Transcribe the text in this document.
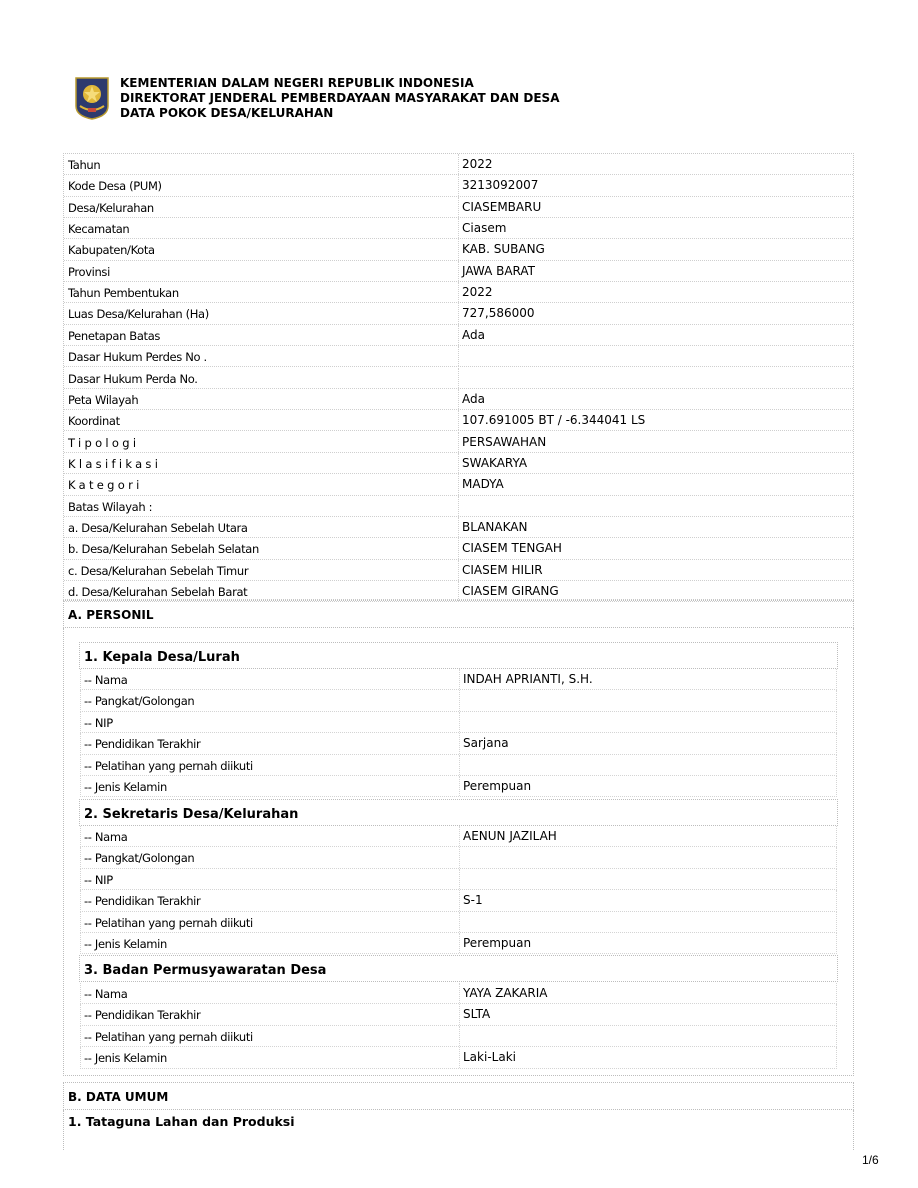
KEMENTERIAN DALAM NEGERI REPUBLIK INDONESIA
DIREKTORAT JENDERAL PEMBERDAYAAN MASYARAKAT DAN DESA
DATA POKOK DESA/KELURAHAN
Tahun	2022
Kode Desa (PUM)	3213092007
Desa/Kelurahan	CIASEMBARU
Kecamatan	Ciasem
Kabupaten/Kota	KAB. SUBANG
Provinsi	JAWA BARAT
Tahun Pembentukan	2022
Luas Desa/Kelurahan (Ha)	727,586000
Penetapan Batas	Ada
Dasar Hukum Perdes No .
Dasar Hukum Perda No.
Peta Wilayah	Ada
Koordinat	107.691005 BT / -6.344041 LS
Tipologi	PERSAWAHAN
Klasifikasi	SWAKARYA
Kategori	MADYA
Batas Wilayah :
a. Desa/Kelurahan Sebelah Utara	BLANAKAN
b. Desa/Kelurahan Sebelah Selatan	CIASEM TENGAH
c. Desa/Kelurahan Sebelah Timur	CIASEM HILIR
d. Desa/Kelurahan Sebelah Barat	CIASEM GIRANG
A. PERSONIL
1. Kepala Desa/Lurah
-- Nama	INDAH APRIANTI, S.H.
-- Pangkat/Golongan
-- NIP
-- Pendidikan Terakhir	Sarjana
-- Pelatihan yang pernah diikuti
-- Jenis Kelamin	Perempuan
2. Sekretaris Desa/Kelurahan
-- Nama	AENUN JAZILAH
-- Pangkat/Golongan
-- NIP
-- Pendidikan Terakhir	S-1
-- Pelatihan yang pernah diikuti
-- Jenis Kelamin	Perempuan
3. Badan Permusyawaratan Desa
-- Nama	YAYA ZAKARIA
-- Pendidikan Terakhir	SLTA
-- Pelatihan yang pernah diikuti
-- Jenis Kelamin	Laki-Laki
B. DATA UMUM
1. Tataguna Lahan dan Produksi
1/6
